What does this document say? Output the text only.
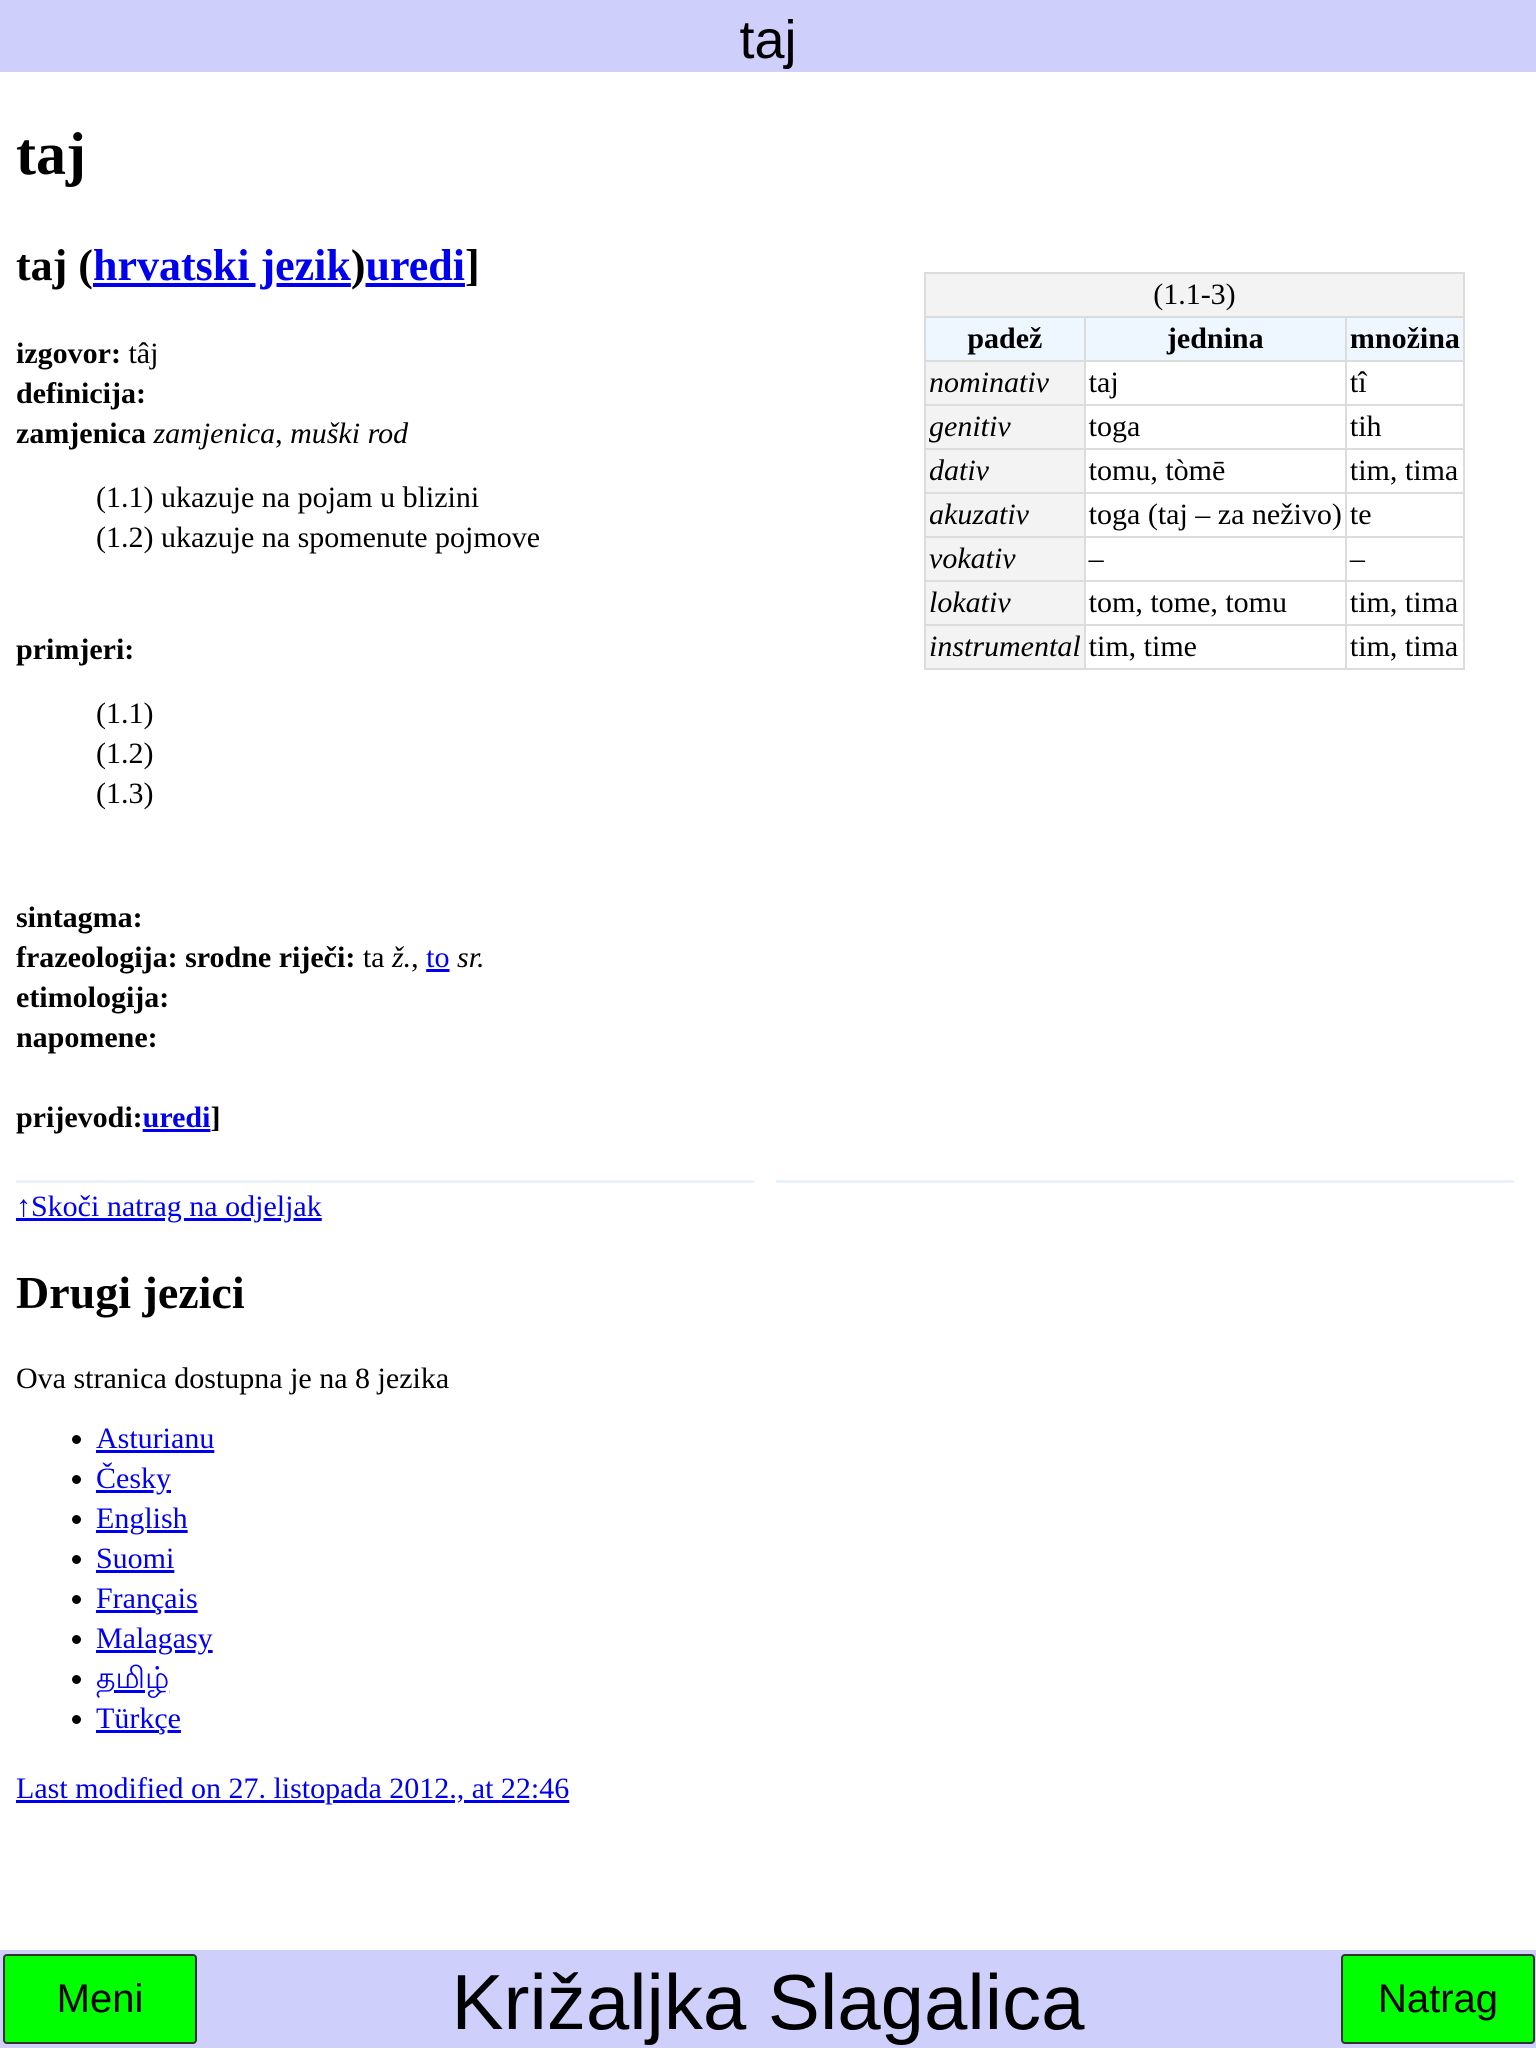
taj
taj
taj (hrvatski jezik)uredi]
izgovor: tâj
definicija:
zamjenica zamjenica, muški rod
(1.1) ukazuje na pojam u blizini
(1.2) ukazuje na spomenute pojmove
primjeri:
(1.1)
(1.2)
(1.3)
sintagma:
frazeologija: srodne riječi: ta ž., to sr.
etimologija:
napomene:
prijevodi:uredi]
↑Skoči natrag na odjeljak
Drugi jezici
Ova stranica dostupna je na 8 jezika
• Asturianu
• Česky
• English
• Suomi
• Français
• Malagasy
• தமிழ்
• Türkçe
Last modified on 27. listopada 2012., at 22:46
(1.1-3)		
padež	jednina	množina
nominativ	taj	tî
genitiv	toga	tih
dativ	tomu, tòmē	tim, tima
akuzativ	toga (taj – za neživo)	te
vokativ	–	–
lokativ	tom, tome, tomu	tim, tima
instrumental	tim, time	tim, tima
Križaljka Slagalica
Meni	Natrag
